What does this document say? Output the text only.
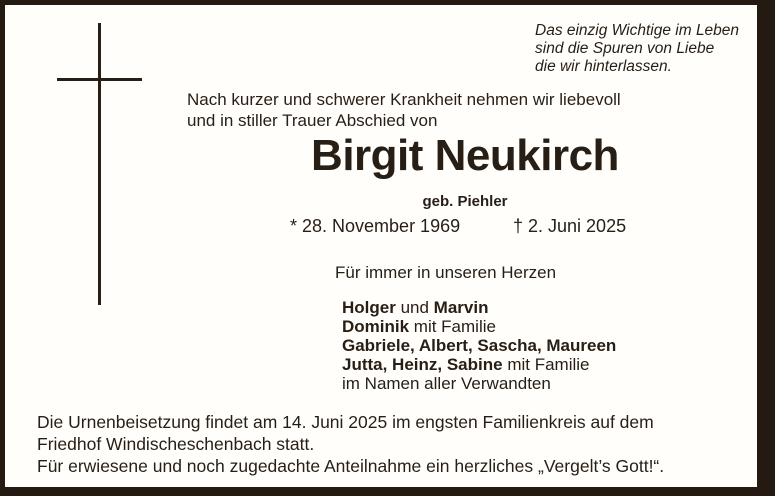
Das einzig Wichtige im Leben
sind die Spuren von Liebe
die wir hinterlassen.
Nach kurzer und schwerer Krankheit nehmen wir liebevoll
und in stiller Trauer Abschied von
Birgit Neukirch
geb. Piehler
* 28. November 1969	† 2. Juni 2025
Für immer in unseren Herzen
Holger und Marvin
Dominik mit Familie
Gabriele, Albert, Sascha, Maureen
Jutta, Heinz, Sabine mit Familie
im Namen aller Verwandten
Die Urnenbeisetzung findet am 14. Juni 2025 im engsten Familienkreis auf dem
Friedhof Windischeschenbach statt.
Für erwiesene und noch zugedachte Anteilnahme ein herzliches „Vergelt’s Gott!“.
